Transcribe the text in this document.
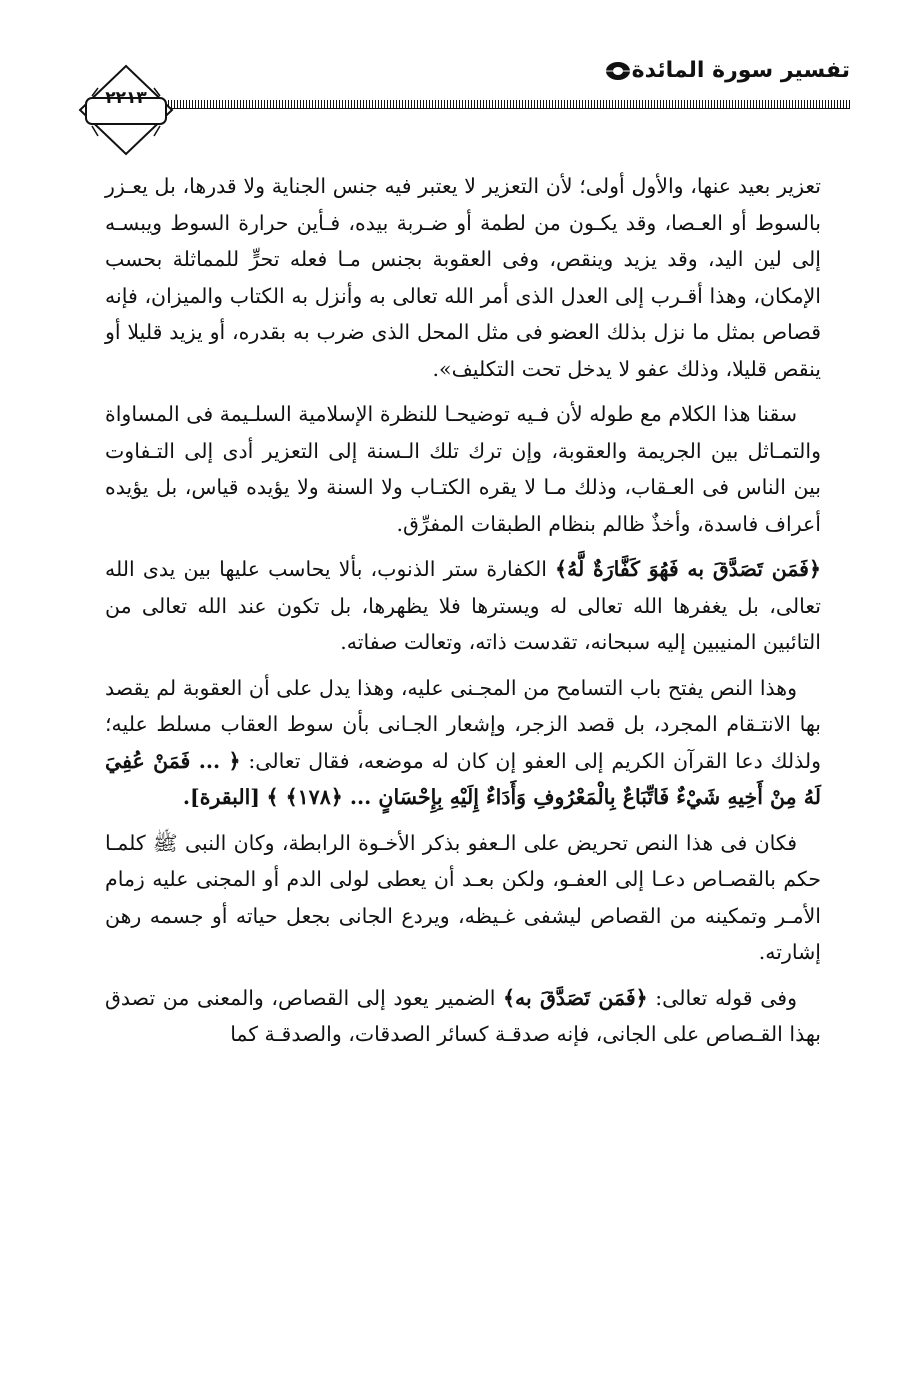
تفسير سورة المائدة
٢٢١٣

تعزير بعيد عنها، والأول أولى؛ لأن التعزير لا يعتبر فيه جنس الجناية ولا قدرها، بل يعـزر بالسوط أو العـصا، وقد يكـون من لطمة أو ضـربة بيده، فـأين حرارة السوط ويبسـه إلى لين اليد، وقد يزيد وينقص، وفى العقوبة بجنس مـا فعله تحرٍّ للمماثلة بحسب الإمكان، وهذا أقـرب إلى العدل الذى أمر الله تعالى به وأنزل به الكتاب والميزان، فإنه قصاص بمثل ما نزل بذلك العضو فى مثل المحل الذى ضرب به بقدره، أو يزيد قليلا أو ينقص قليلا، وذلك عفو لا يدخل تحت التكليف».

سقنا هذا الكلام مع طوله لأن فـيه توضيحـا للنظرة الإسلامية السلـيمة فى المساواة والتمـاثل بين الجريمة والعقوبة، وإن ترك تلك الـسنة إلى التعزير أدى إلى التـفاوت بين الناس فى العـقاب، وذلك مـا لا يقره الكتـاب ولا السنة ولا يؤيده قياس، بل يؤيده أعراف فاسدة، وأخذٌ ظالم بنظام الطبقات المفرِّق.

﴿فَمَن تَصَدَّقَ به فَهُوَ كَفَّارَةٌ لَّهُ﴾ الكفارة ستر الذنوب، بألا يحاسب عليها بين يدى الله تعالى، بل يغفرها الله تعالى له ويسترها فلا يظهرها، بل تكون عند الله تعالى من التائبين المنيبين إليه سبحانه، تقدست ذاته، وتعالت صفاته.

وهذا النص يفتح باب التسامح من المجـنى عليه، وهذا يدل على أن العقوبة لم يقصد بها الانتـقام المجرد، بل قصد الزجر، وإشعار الجـانى بأن سوط العقاب مسلط عليه؛ ولذلك دعا القرآن الكريم إلى العفو إن كان له موضعه، فقال تعالى: ﴿ ... فَمَنْ عُفِيَ لَهُ مِنْ أَخِيهِ شَيْءٌ فَاتِّبَاعٌ بِالْمَعْرُوفِ وَأَدَاءٌ إِلَيْهِ بِإِحْسَانٍ ... ﴿١٧٨﴾ ﴾ [البقرة].

فكان فى هذا النص تحريض على الـعفو بذكر الأخـوة الرابطة، وكان النبى ﷺ كلمـا حكم بالقصـاص دعـا إلى العفـو، ولكن بعـد أن يعطى لولى الدم أو المجنى عليه زمام الأمـر وتمكينه من القصاص ليشفى غـيظه، ويردع الجانى بجعل حياته أو جسمه رهن إشارته.

وفى قوله تعالى: ﴿فَمَن تَصَدَّقَ به﴾ الضمير يعود إلى القصاص، والمعنى من تصدق بهذا القـصاص على الجانى، فإنه صدقـة كسائر الصدقات، والصدقـة كما
